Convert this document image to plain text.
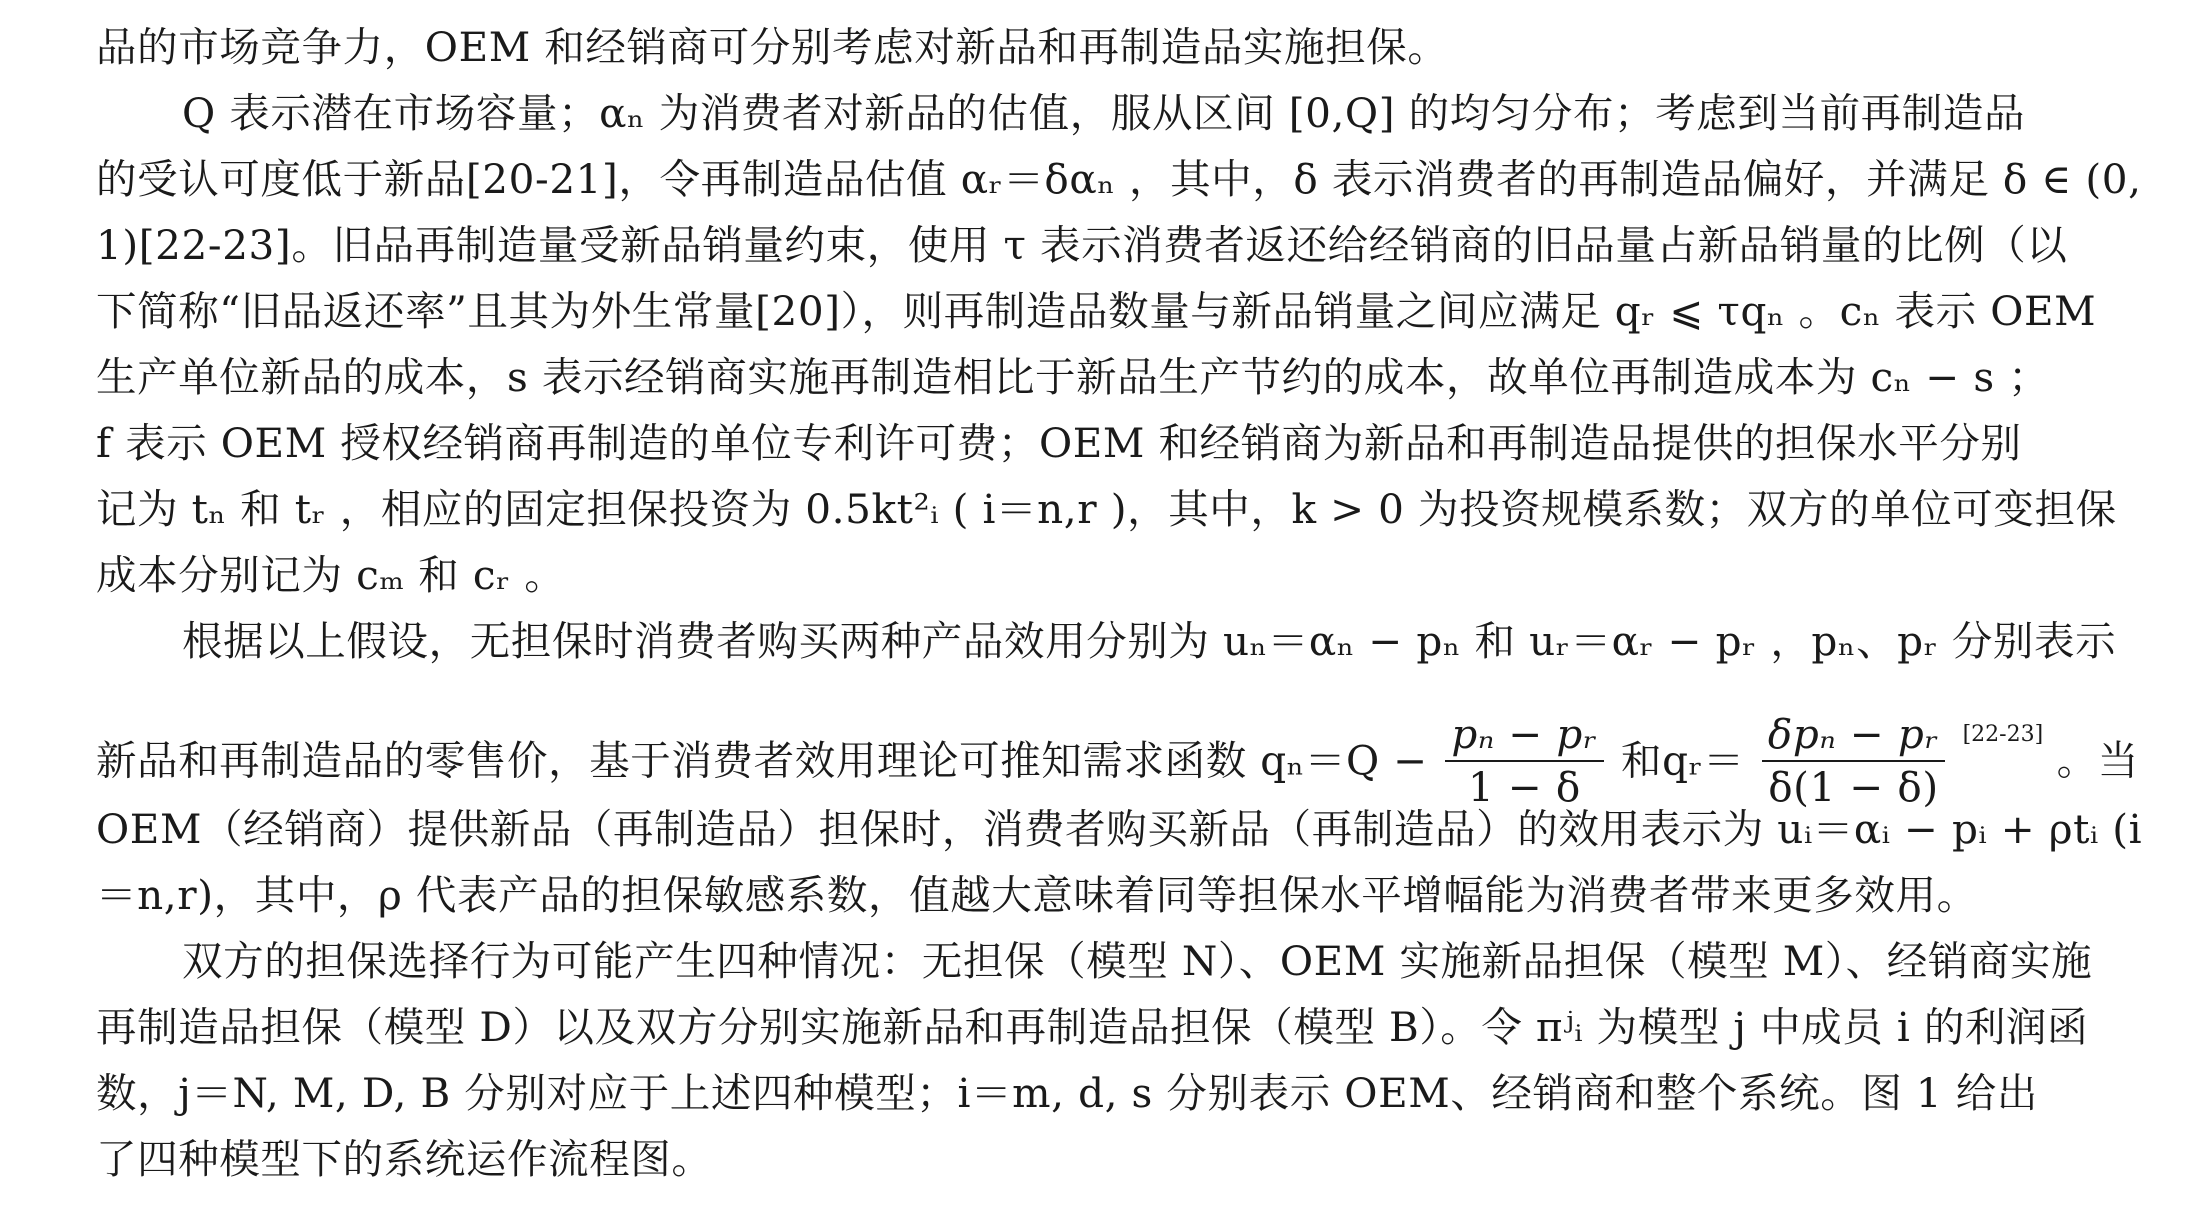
品的市场竞争力，OEM 和经销商可分别考虑对新品和再制造品实施担保。
Q 表示潜在市场容量；αₙ 为消费者对新品的估值，服从区间 [0,Q] 的均匀分布；考虑到当前再制造品
的受认可度低于新品[20-21]，令再制造品估值 αᵣ＝δαₙ ，其中，δ 表示消费者的再制造品偏好，并满足 δ ∈ (0,
1)[22-23]。旧品再制造量受新品销量约束，使用 τ 表示消费者返还给经销商的旧品量占新品销量的比例（以
下简称“旧品返还率”且其为外生常量[20]），则再制造品数量与新品销量之间应满足 qᵣ ⩽ τqₙ 。cₙ 表示 OEM
生产单位新品的成本，s 表示经销商实施再制造相比于新品生产节约的成本，故单位再制造成本为 cₙ − s ；
f 表示 OEM 授权经销商再制造的单位专利许可费；OEM 和经销商为新品和再制造品提供的担保水平分别
记为 tₙ 和 tᵣ ，相应的固定担保投资为 0.5kt²ᵢ ( i＝n,r )，其中，k > 0 为投资规模系数；双方的单位可变担保
成本分别记为 cₘ 和 cᵣ 。
根据以上假设，无担保时消费者购买两种产品效用分别为 uₙ＝αₙ − pₙ 和 uᵣ＝αᵣ − pᵣ ，pₙ、pᵣ 分别表示
新品和再制造品的零售价，基于消费者效用理论可推知需求函数 $q_n=Q - \frac{\text{pₙ − pᵣ}}{1 - \delta}$ 和qᵣ＝ $\frac{\text{δpₙ − pᵣ}}{\delta(1 - \delta)} [22-23]$ 。当
OEM（经销商）提供新品（再制造品）担保时，消费者购买新品（再制造品）的效用表示为 uᵢ＝αᵢ − pᵢ + ρtᵢ (i
＝n,r)，其中，ρ 代表产品的担保敏感系数，值越大意味着同等担保水平增幅能为消费者带来更多效用。
双方的担保选择行为可能产生四种情况：无担保（模型 N）、OEM 实施新品担保（模型 M）、经销商实施
再制造品担保（模型 D）以及双方分别实施新品和再制造品担保（模型 B）。令 πʲᵢ 为模型 j 中成员 i 的利润函
数，j＝N, M, D, B 分别对应于上述四种模型；i＝m, d, s 分别表示 OEM、经销商和整个系统。图 1 给出
了四种模型下的系统运作流程图。
